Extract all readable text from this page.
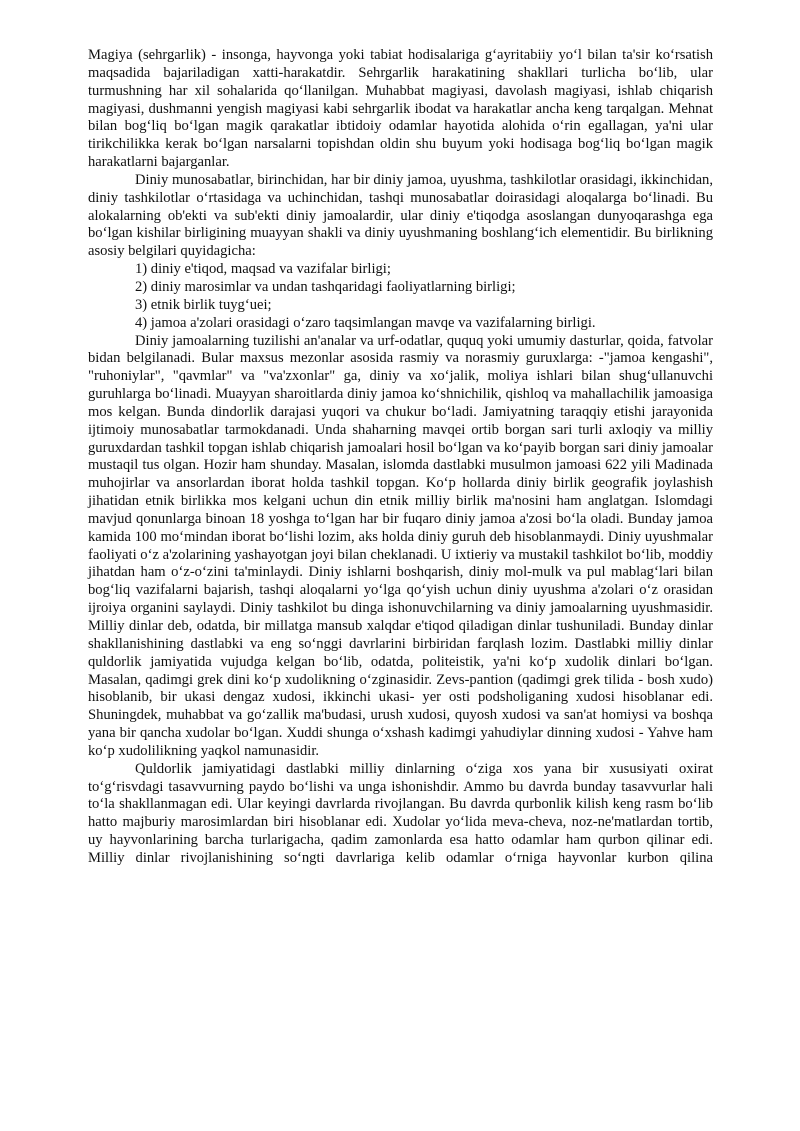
Magiya (sehrgarlik) - insonga, hayvonga yoki tabiat hodisalariga g‘ayritabiiy yo‘l bilan ta'sir ko‘rsatish maqsadida bajariladigan xatti-harakatdir. Sehrgarlik harakatining shakllari turlicha bo‘lib, ular turmushning har xil sohalarida qo‘llanilgan. Muhabbat magiyasi, davolash magiyasi, ishlab chiqarish magiyasi, dushmanni yengish magiyasi kabi sehrgarlik ibodat va harakatlar ancha keng tarqalgan. Mehnat bilan bog‘liq bo‘lgan magik qarakatlar ibtidoiy odamlar hayotida alohida o‘rin egallagan, ya'ni ular tirikchilikka kerak bo‘lgan narsalarni topishdan oldin shu buyum yoki hodisaga bog‘liq bo‘lgan magik harakatlarni bajarganlar.

Diniy munosabatlar, birinchidan, har bir diniy jamoa, uyushma, tashkilotlar orasidagi, ikkinchidan, diniy tashkilotlar o‘rtasidaga va uchinchidan, tashqi munosabatlar doirasidagi aloqalarga bo‘linadi. Bu alokalarning ob'ekti va sub'ekti diniy jamoalardir, ular diniy e'tiqodga asoslangan dunyoqarashga ega bo‘lgan kishilar birligining muayyan shakli va diniy uyushmaning boshlang‘ich elementidir. Bu birlikning asosiy belgilari quyidagicha:

1) diniy e'tiqod, maqsad va vazifalar birligi;

2) diniy marosimlar va undan tashqaridagi faoliyatlarning birligi;

3) etnik birlik tuyg‘uei;

4) jamoa a'zolari orasidagi o‘zaro taqsimlangan mavqe va vazifalarning birligi.

Diniy jamoalarning tuzilishi an'analar va urf-odatlar, ququq yoki umumiy dasturlar, qoida, fatvolar bidan belgilanadi. Bular maxsus mezonlar asosida rasmiy va norasmiy guruxlarga: -"jamoa kengashi", "ruhoniylar", "qavmlar" va "va'zxonlar" ga, diniy va xo‘jalik, moliya ishlari bilan shug‘ullanuvchi guruhlarga bo‘linadi. Muayyan sharoitlarda diniy jamoa ko‘shnichilik, qishloq va mahallachilik jamoasiga mos kelgan. Bunda dindorlik darajasi yuqori va chukur bo‘ladi. Jamiyatning taraqqiy etishi jarayonida ijtimoiy munosabatlar tarmokdanadi. Unda shaharning mavqei ortib borgan sari turli axloqiy va milliy guruxdardan tashkil topgan ishlab chiqarish jamoalari hosil bo‘lgan va ko‘payib borgan sari diniy jamoalar mustaqil tus olgan. Hozir ham shunday. Masalan, islomda dastlabki musulmon jamoasi 622 yili Madinada muhojirlar va ansorlardan iborat holda tashkil topgan. Ko‘p hollarda diniy birlik geografik joylashish jihatidan etnik birlikka mos kelgani uchun din etnik milliy birlik ma'nosini ham anglatgan. Islomdagi mavjud qonunlarga binoan 18 yoshga to‘lgan har bir fuqaro diniy jamoa a'zosi bo‘la oladi. Bunday jamoa kamida 100 mo‘mindan iborat bo‘lishi lozim, aks holda diniy guruh deb hisoblanmaydi. Diniy uyushmalar faoliyati o‘z a'zolarining yashayotgan joyi bilan cheklanadi. U ixtieriy va mustakil tashkilot bo‘lib, moddiy jihatdan ham o‘z-o‘zini ta'minlaydi. Diniy ishlarni boshqarish, diniy mol-mulk va pul mablag‘lari bilan bog‘liq vazifalarni bajarish, tashqi aloqalarni yo‘lga qo‘yish uchun diniy uyushma a'zolari o‘z orasidan ijroiya organini saylaydi. Diniy tashkilot bu dinga ishonuvchilarning va diniy jamoalarning uyushmasidir. Milliy dinlar deb, odatda, bir millatga mansub xalqdar e'tiqod qiladigan dinlar tushuniladi. Bunday dinlar shakllanishining dastlabki va eng so‘nggi davrlarini birbiridan farqlash lozim. Dastlabki milliy dinlar quldorlik jamiyatida vujudga kelgan bo‘lib, odatda, politeistik, ya'ni ko‘p xudolik dinlari bo‘lgan. Masalan, qadimgi grek dini ko‘p xudolikning o‘zginasidir. Zevs-pantion (qadimgi grek tilida - bosh xudo) hisoblanib, bir ukasi dengaz xudosi, ikkinchi ukasi- yer osti podsholiganing xudosi hisoblanar edi. Shuningdek, muhabbat va go‘zallik ma'budasi, urush xudosi, quyosh xudosi va san'at homiysi va boshqa yana bir qancha xudolar bo‘lgan. Xuddi shunga o‘xshash kadimgi yahudiylar dinning xudosi - Yahve ham ko‘p xudolilikning yaqkol namunasidir.

Quldorlik jamiyatidagi dastlabki milliy dinlarning o‘ziga xos yana bir xususiyati oxirat to‘g‘risvdagi tasavvurning paydo bo‘lishi va unga ishonishdir. Ammo bu davrda bunday tasavvurlar hali to‘la shakllanmagan edi. Ular keyingi davrlarda rivojlangan. Bu davrda qurbonlik kilish keng rasm bo‘lib hatto majburiy marosimlardan biri hisoblanar edi. Xudolar yo‘lida meva-cheva, noz-ne'matlardan tortib, uy hayvonlarining barcha turlarigacha, qadim zamonlarda esa hatto odamlar ham qurbon qilinar edi. Milliy dinlar rivojlanishining so‘ngti davrlariga kelib odamlar o‘rniga hayvonlar kurbon qilina
